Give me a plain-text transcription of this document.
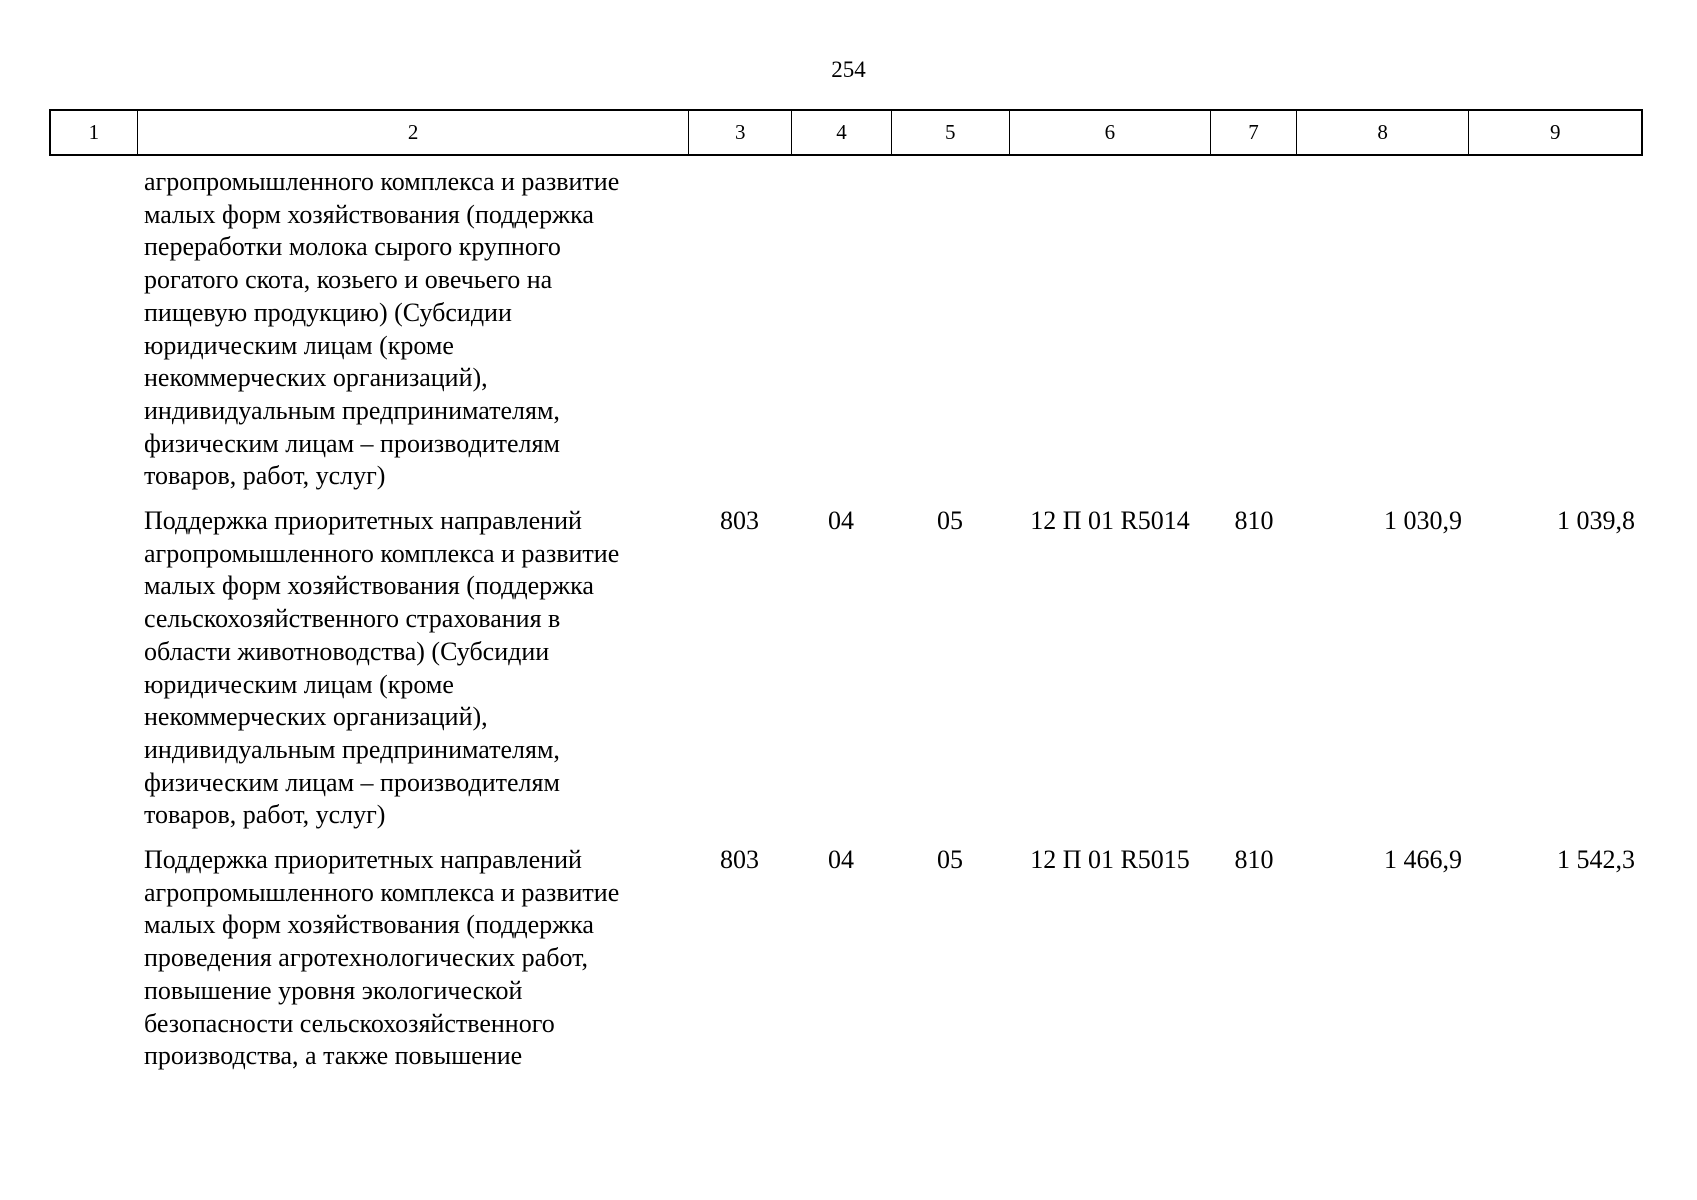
254
1	2	3	4	5	6	7	8	9
агропромышленного комплекса и развитие
малых форм хозяйствования (поддержка
переработки молока сырого крупного
рогатого скота, козьего и овечьего на
пищевую продукцию) (Субсидии
юридическим лицам (кроме
некоммерческих организаций),
индивидуальным предпринимателям,
физическим лицам – производителям
товаров, работ, услуг)
Поддержка приоритетных направлений
агропромышленного комплекса и развитие
малых форм хозяйствования (поддержка
сельскохозяйственного страхования в
области животноводства) (Субсидии
юридическим лицам (кроме
некоммерческих организаций),
индивидуальным предпринимателям,
физическим лицам – производителям
товаров, работ, услуг)
803	04	05	12 П 01 R5014	810	1 030,9	1 039,8
Поддержка приоритетных направлений
агропромышленного комплекса и развитие
малых форм хозяйствования (поддержка
проведения агротехнологических работ,
повышение уровня экологической
безопасности сельскохозяйственного
производства, а также повышение
803	04	05	12 П 01 R5015	810	1 466,9	1 542,3
